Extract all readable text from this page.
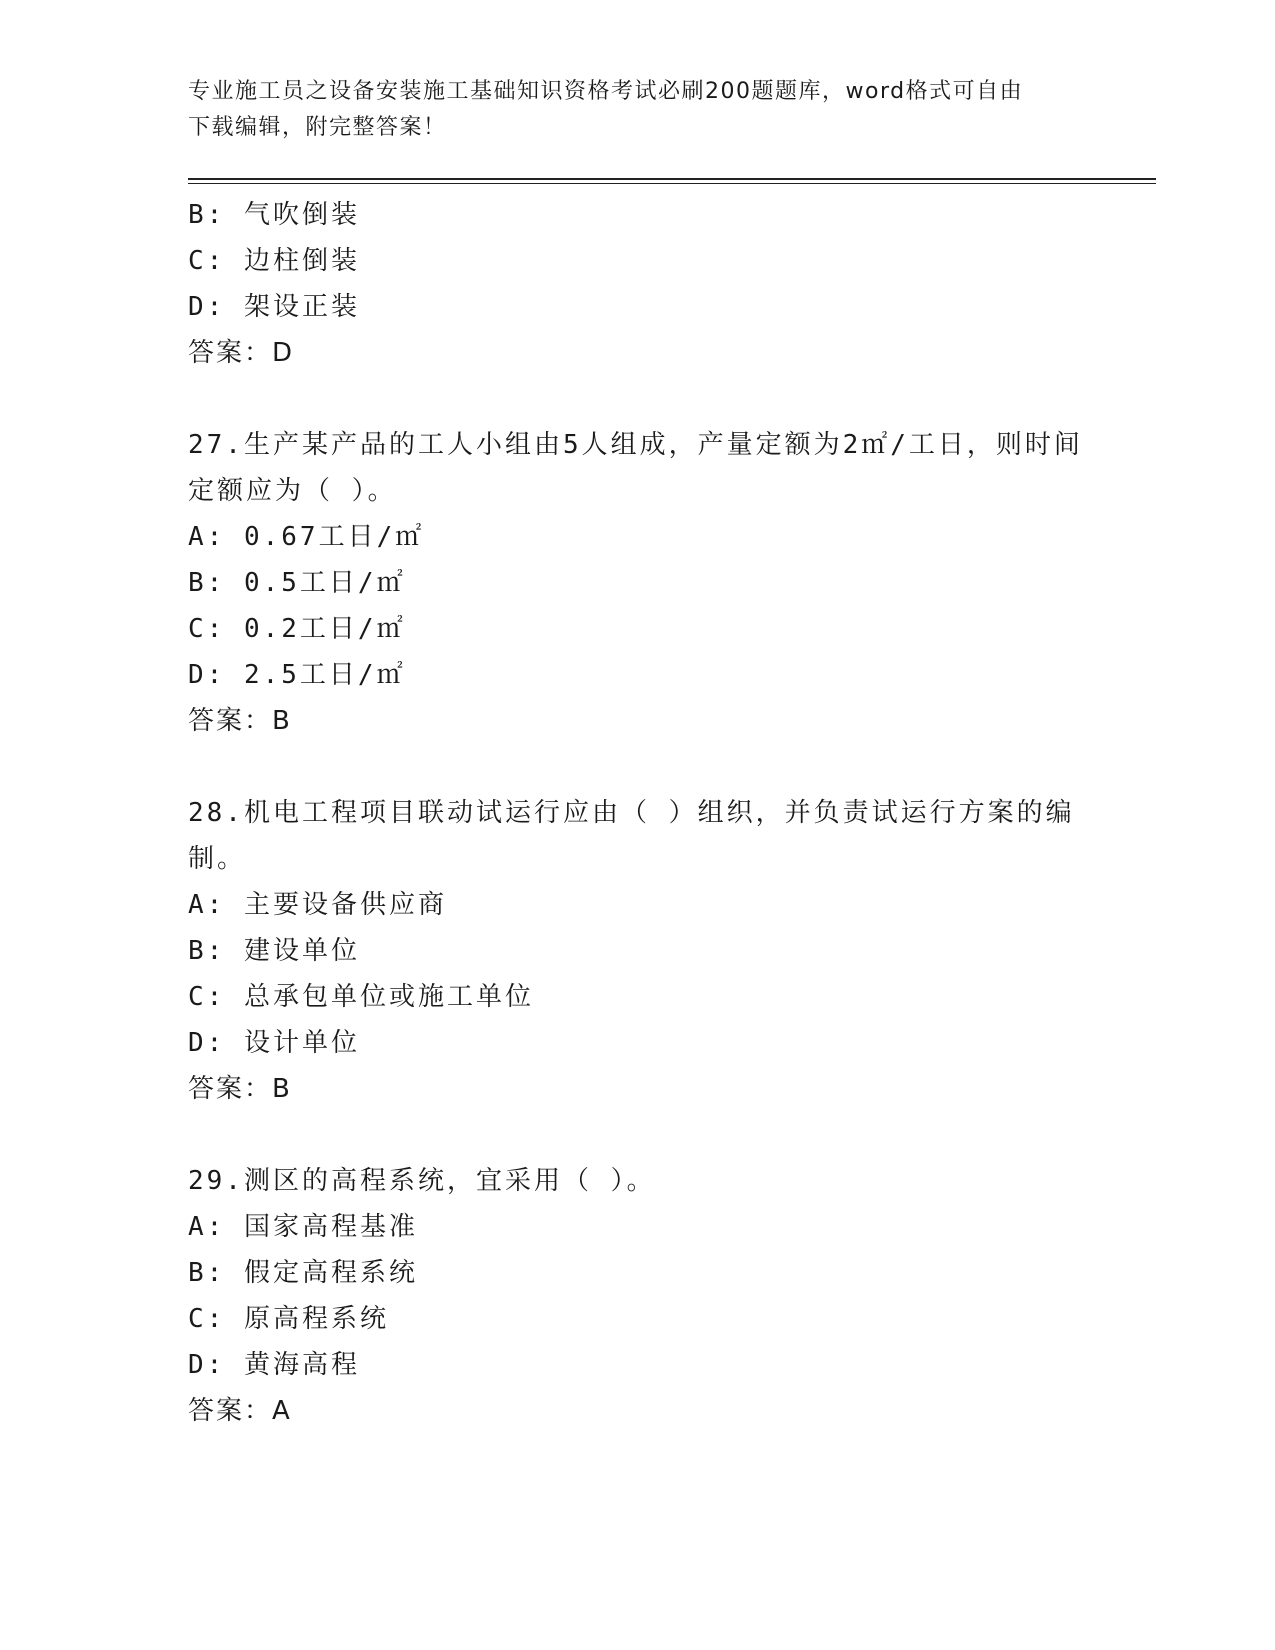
专业施工员之设备安装施工基础知识资格考试必刷200题题库，word格式可自由
下载编辑，附完整答案！

B: 气吹倒装

C: 边柱倒装

D: 架设正装

答案：D

27.生产某产品的工人小组由5人组成，产量定额为2㎡/工日，则时间

定额应为（ ）。

A: 0.67工日/㎡

B: 0.5工日/㎡

C: 0.2工日/㎡

D: 2.5工日/㎡

答案：B

28.机电工程项目联动试运行应由（ ）组织，并负责试运行方案的编

制。

A: 主要设备供应商

B: 建设单位

C: 总承包单位或施工单位

D: 设计单位

答案：B

29.测区的高程系统，宜采用（ ）。

A: 国家高程基准

B: 假定高程系统

C: 原高程系统

D: 黄海高程

答案：A
